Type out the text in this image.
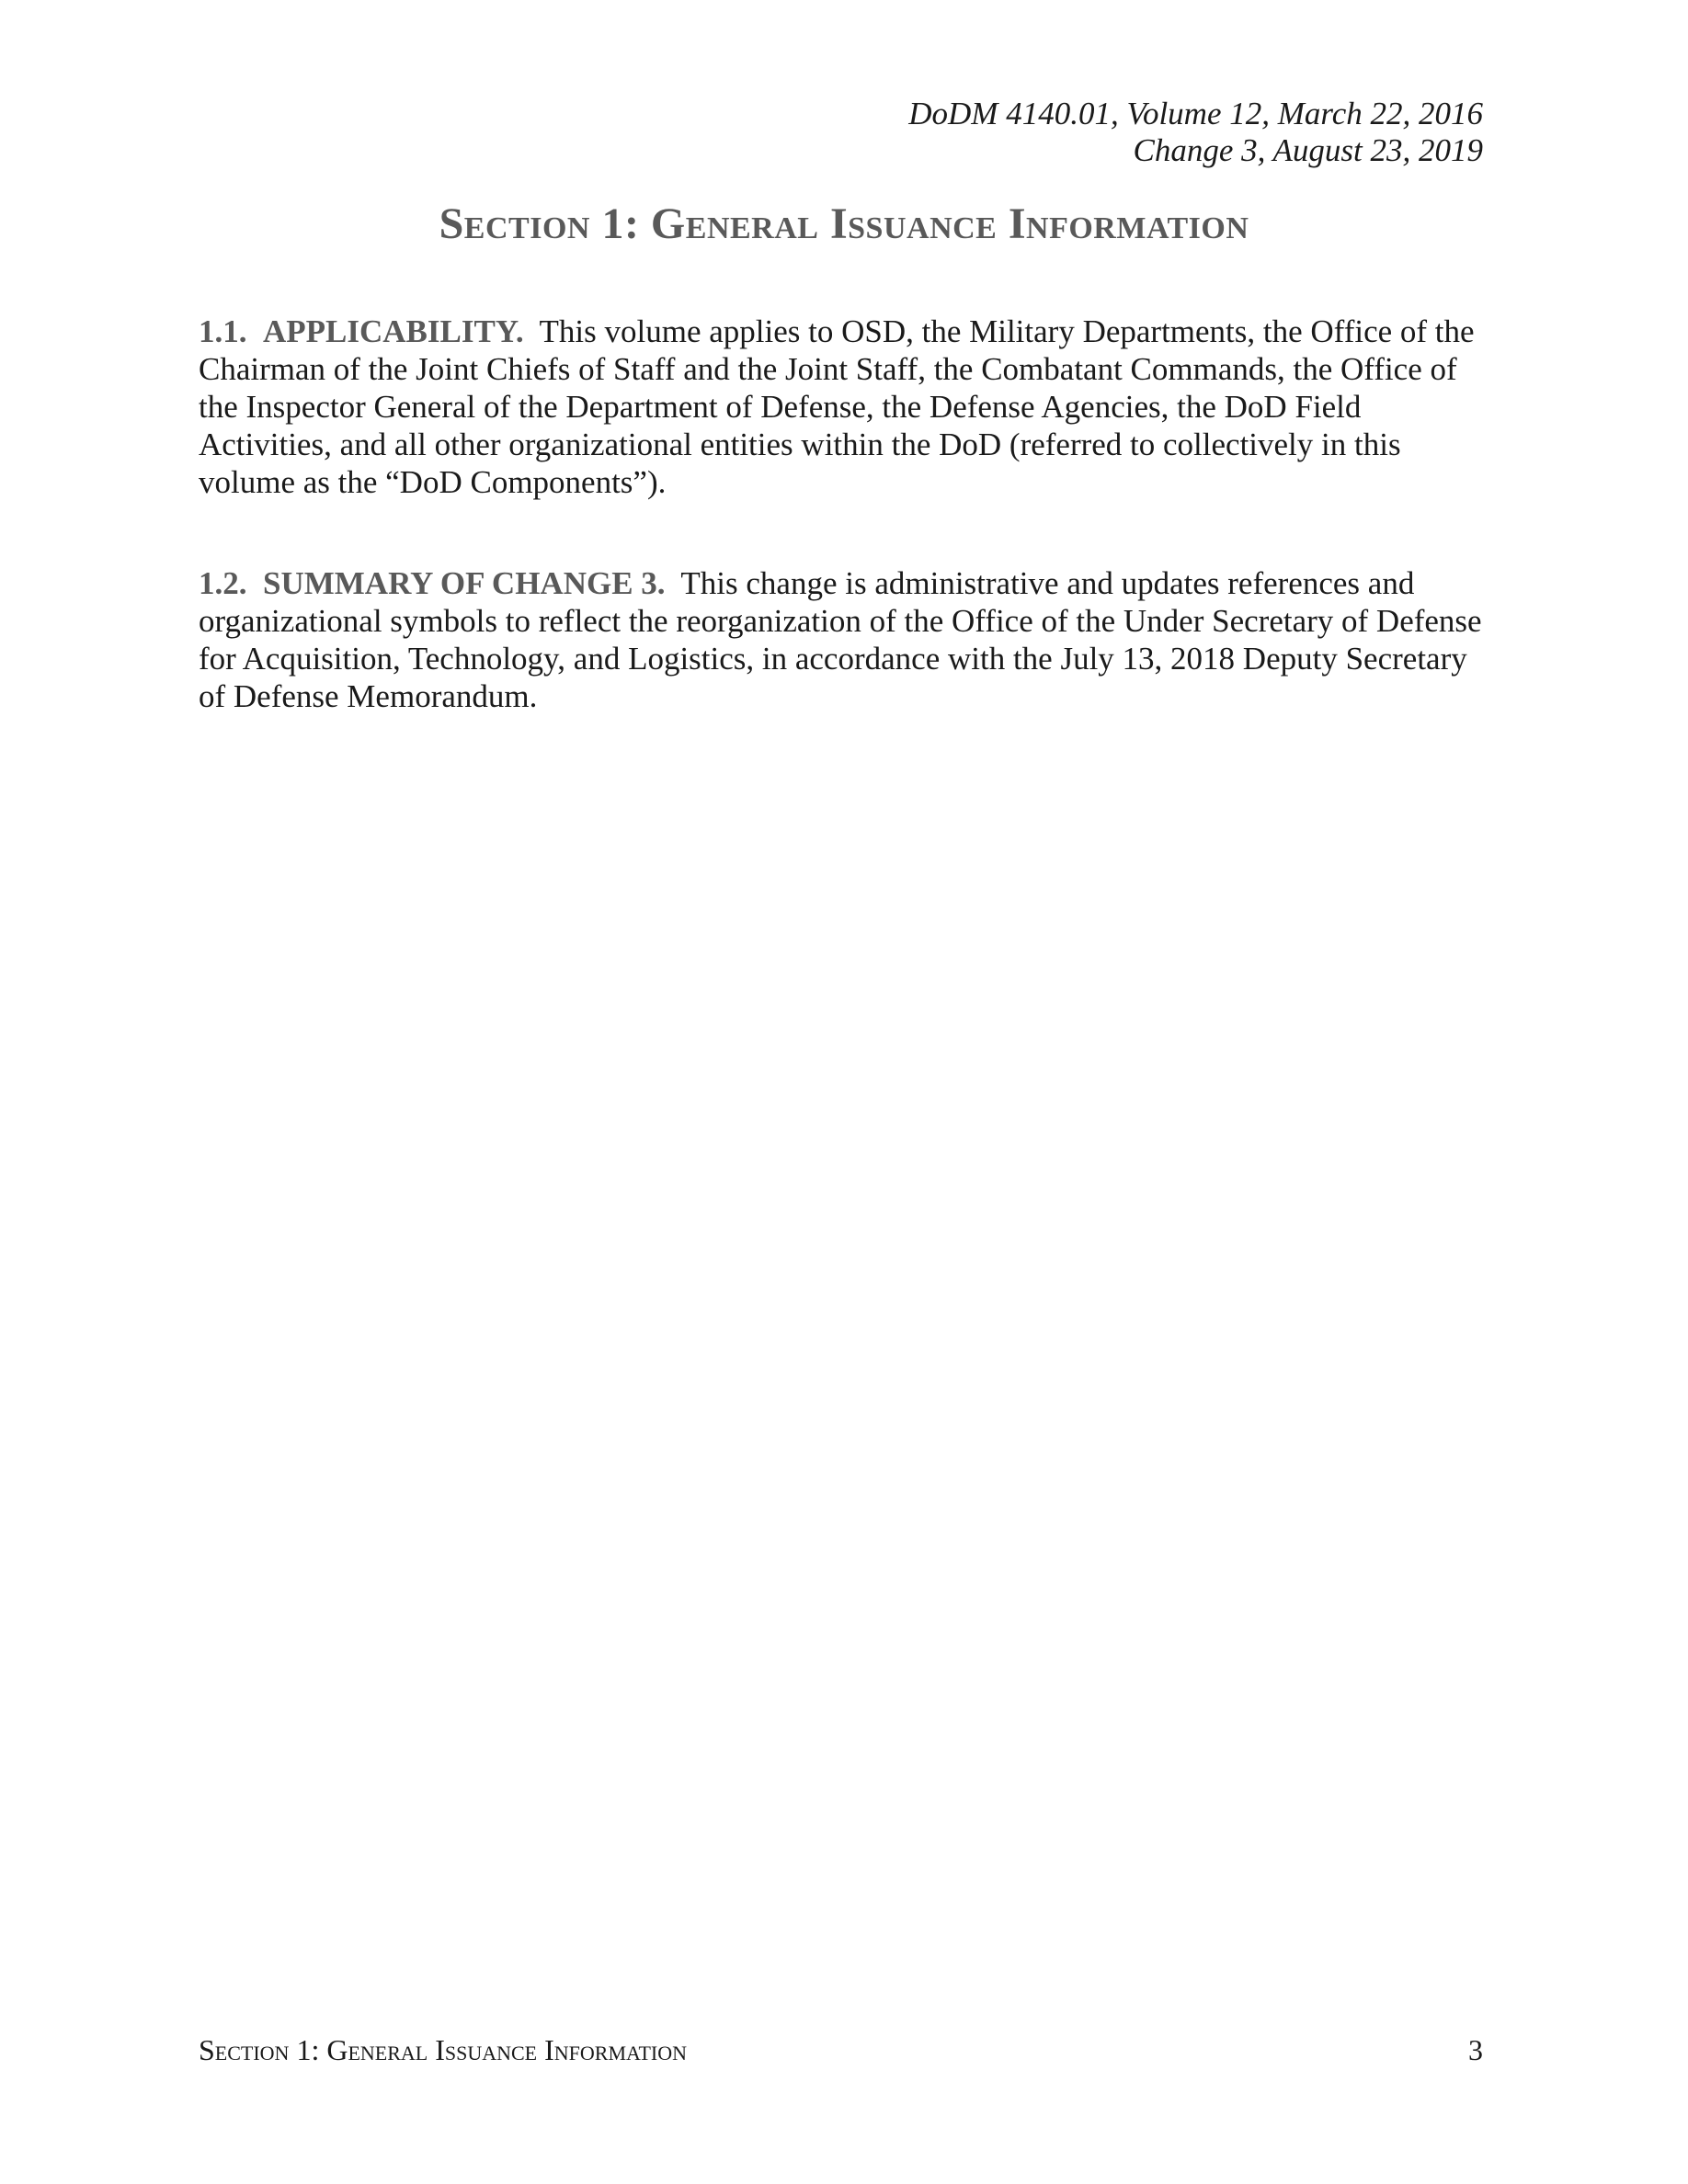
DoDM 4140.01, Volume 12, March 22, 2016
Change 3, August 23, 2019
Section 1: General Issuance Information
1.1. APPLICABILITY. This volume applies to OSD, the Military Departments, the Office of the Chairman of the Joint Chiefs of Staff and the Joint Staff, the Combatant Commands, the Office of the Inspector General of the Department of Defense, the Defense Agencies, the DoD Field Activities, and all other organizational entities within the DoD (referred to collectively in this volume as the “DoD Components”).
1.2. SUMMARY OF CHANGE 3. This change is administrative and updates references and organizational symbols to reflect the reorganization of the Office of the Under Secretary of Defense for Acquisition, Technology, and Logistics, in accordance with the July 13, 2018 Deputy Secretary of Defense Memorandum.
Section 1: General Issuance Information	3
